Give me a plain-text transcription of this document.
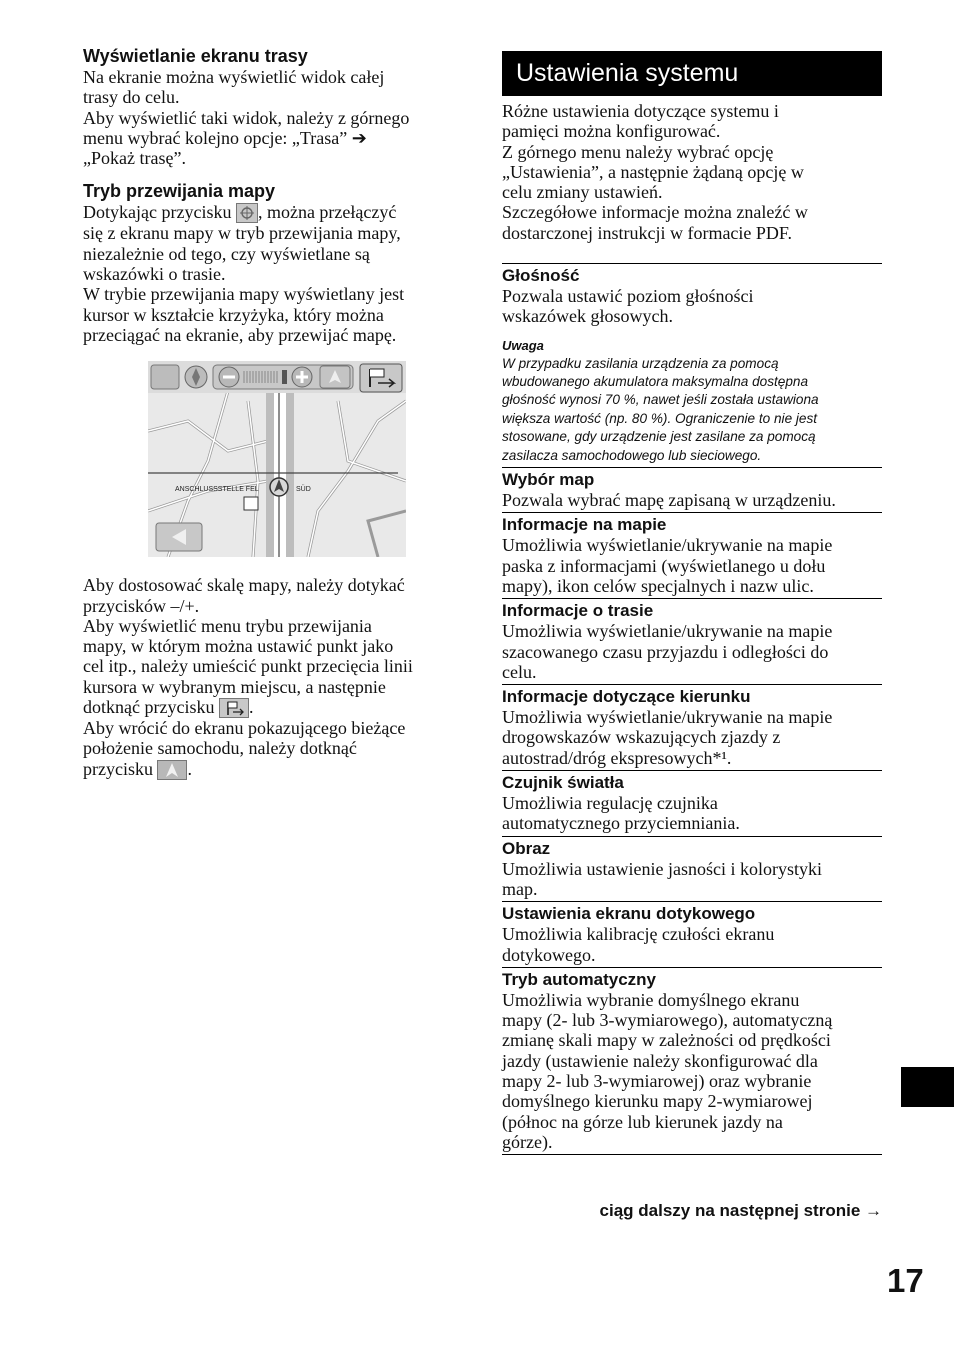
Wyświetlanie ekranu trasy

Na ekranie można wyświetlić widok całej

trasy do celu.

Aby wyświetlić taki widok, należy z górnego

menu wybrać kolejno opcje: „Trasa” ➔

„Pokaż trasę”.

Tryb przewijania mapy

Dotykając przycisku , można przełączyć

się z ekranu mapy w tryb przewijania mapy,

niezależnie od tego, czy wyświetlane są

wskazówki o trasie.

W trybie przewijania mapy wyświetlany jest

kursor w kształcie krzyżyka, który można

przeciągać na ekranie, aby przewijać mapę.

ANSCHLUSSSTELLE FEL	SÜD

Aby dostosować skalę mapy, należy dotykać

przycisków –/+.

Aby wyświetlić menu trybu przewijania

mapy, w którym można ustawić punkt jako

cel itp., należy umieścić punkt przecięcia linii

kursora w wybranym miejscu, a następnie

dotknąć przycisku .

Aby wrócić do ekranu pokazującego bieżące

położenie samochodu, należy dotknąć

przycisku .

Ustawienia systemu

Różne ustawienia dotyczące systemu i

pamięci można konfigurować.

Z górnego menu należy wybrać opcję

„Ustawienia”, a następnie żądaną opcję w

celu zmiany ustawień.

Szczegółowe informacje można znaleźć w

dostarczonej instrukcji w formacie PDF.

Głośność

Pozwala ustawić poziom głośności

wskazówek głosowych.

Uwaga

W przypadku zasilania urządzenia za pomocą

wbudowanego akumulatora maksymalna dostępna

głośność wynosi 70 %, nawet jeśli została ustawiona

większa wartość (np. 80 %). Ograniczenie to nie jest

stosowane, gdy urządzenie jest zasilane za pomocą

zasilacza samochodowego lub sieciowego.

Wybór map

Pozwala wybrać mapę zapisaną w urządzeniu.

Informacje na mapie

Umożliwia wyświetlanie/ukrywanie na mapie

paska z informacjami (wyświetlanego u dołu

mapy), ikon celów specjalnych i nazw ulic.

Informacje o trasie

Umożliwia wyświetlanie/ukrywanie na mapie

szacowanego czasu przyjazdu i odległości do

celu.

Informacje dotyczące kierunku

Umożliwia wyświetlanie/ukrywanie na mapie

drogowskazów wskazujących zjazdy z

autostrad/dróg ekspresowych*¹.

Czujnik światła

Umożliwia regulację czujnika

automatycznego przyciemniania.

Obraz

Umożliwia ustawienie jasności i kolorystyki

map.

Ustawienia ekranu dotykowego

Umożliwia kalibrację czułości ekranu

dotykowego.

Tryb automatyczny

Umożliwia wybranie domyślnego ekranu

mapy (2- lub 3-wymiarowego), automatyczną

zmianę skali mapy w zależności od prędkości

jazdy (ustawienie należy skonfigurować dla

mapy 2- lub 3-wymiarowej) oraz wybranie

domyślnego kierunku mapy 2-wymiarowej

(północ na górze lub kierunek jazdy na

górze).

ciąg dalszy na następnej stronie →
17
